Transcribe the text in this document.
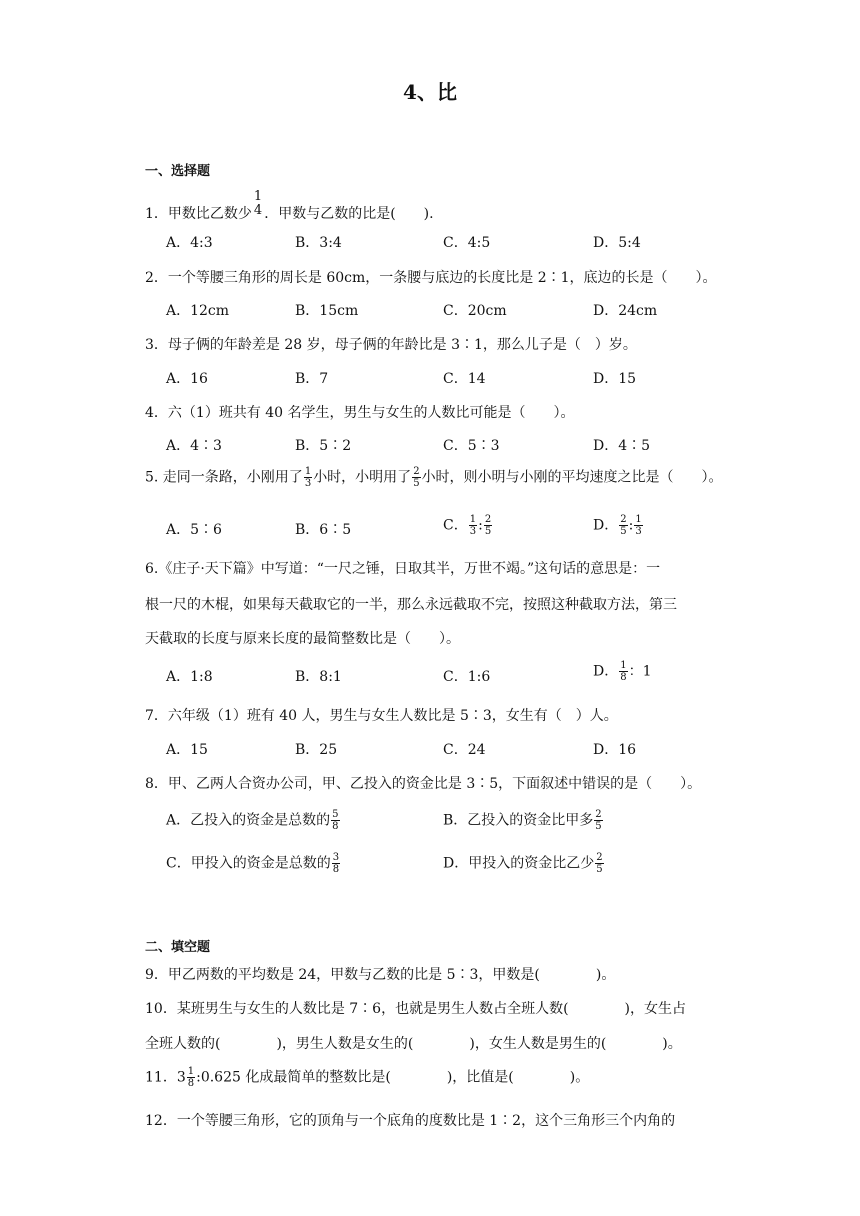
4、比
一、选择题
1．甲数比乙数少
1
4 ．甲数与乙数的比是(　　).
A．4:3	B．3:4	C．4:5	D．5:4
2．一个等腰三角形的周长是 60cm，一条腰与底边的长度比是 2∶1，底边的长是（　　）。
A．12cm	B．15cm	C．20cm	D．24cm
3．母子俩的年龄差是 28 岁，母子俩的年龄比是 3∶1，那么儿子是（　）岁。
A．16	B．7	C．14	D．15
4．六（1）班共有 40 名学生，男生与女生的人数比可能是（　　）。
A．4∶3	B．5∶2	C．5∶3	D．4∶5
5. 走同一条路，小刚用了 $\frac{1}{3}$ 小时，小明用了 $\frac{2}{5}$ 小时，则小明与小刚的平均速度之比是（　　）。
A．5∶6	B．6∶5	C． $\frac{1}{3}$ : $\frac{2}{5}$	D． $\frac{2}{5}$ : $\frac{1}{3}$
6.《庄子·天下篇》中写道：“一尺之锤，日取其半，万世不竭。”这句话的意思是：一
根一尺的木棍，如果每天截取它的一半，那么永远截取不完，按照这种截取方法，第三
天截取的长度与原来长度的最简整数比是（　　）。
A．1:8	B．8:1	C．1:6	D． $\frac{1}{8}$ ：1
7．六年级（1）班有 40 人，男生与女生人数比是 5∶3，女生有（　）人。
A．15	B．25	C．24	D．16
8．甲、乙两人合资办公司，甲、乙投入的资金比是 3∶5，下面叙述中错误的是（　　）。
A．乙投入的资金是总数的 $\frac{5}{8}$	B．乙投入的资金比甲多 $\frac{2}{5}$
C．甲投入的资金是总数的 $\frac{3}{8}$	D．甲投入的资金比乙少 $\frac{2}{5}$
二、填空题
9．甲乙两数的平均数是 24，甲数与乙数的比是 5∶3，甲数是(　　　　)。
10．某班男生与女生的人数比是 7∶6，也就是男生人数占全班人数(　　　　)，女生占
全班人数的(　　　　)，男生人数是女生的(　　　　)，女生人数是男生的(　　　　)。
11．$3 \frac{1}{8}$ :0.625 化成最简单的整数比是(　　　　)，比值是(　　　　)。
12．一个等腰三角形，它的顶角与一个底角的度数比是 1∶2，这个三角形三个内角的
